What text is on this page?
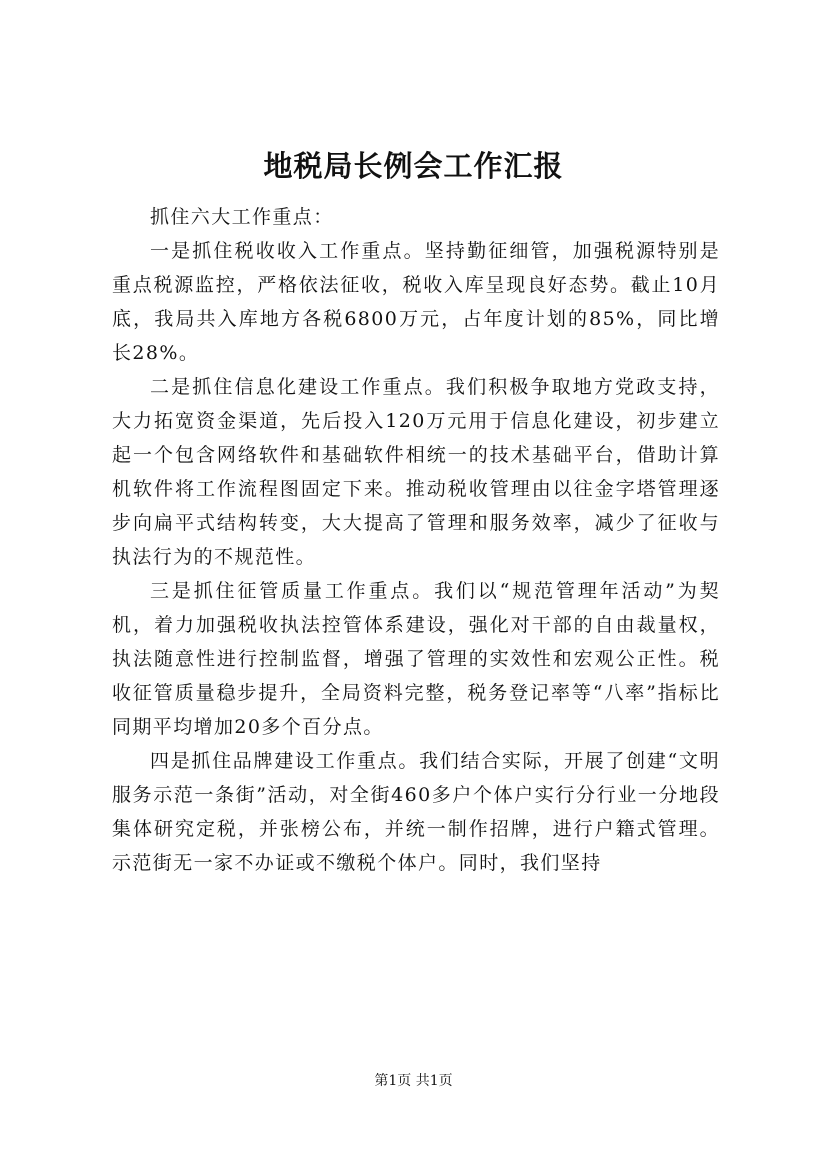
地税局长例会工作汇报

抓住六大工作重点：

一是抓住税收收入工作重点。坚持勤征细管，加强税源特别是重点税源监控，严格依法征收，税收入库呈现良好态势。截止10月底，我局共入库地方各税6800万元，占年度计划的85%，同比增长28%。

二是抓住信息化建设工作重点。我们积极争取地方党政支持，大力拓宽资金渠道，先后投入120万元用于信息化建设，初步建立起一个包含网络软件和基础软件相统一的技术基础平台，借助计算机软件将工作流程图固定下来。推动税收管理由以往金字塔管理逐步向扁平式结构转变，大大提高了管理和服务效率，减少了征收与执法行为的不规范性。

三是抓住征管质量工作重点。我们以“规范管理年活动”为契机，着力加强税收执法控管体系建设，强化对干部的自由裁量权，执法随意性进行控制监督，增强了管理的实效性和宏观公正性。税收征管质量稳步提升，全局资料完整，税务登记率等“八率”指标比同期平均增加20多个百分点。

四是抓住品牌建设工作重点。我们结合实际，开展了创建“文明服务示范一条街”活动，对全街460多户个体户实行分行业一分地段集体研究定税，并张榜公布，并统一制作招牌，进行户籍式管理。示范街无一家不办证或不缴税个体户。同时，我们坚持

第1页 共1页
